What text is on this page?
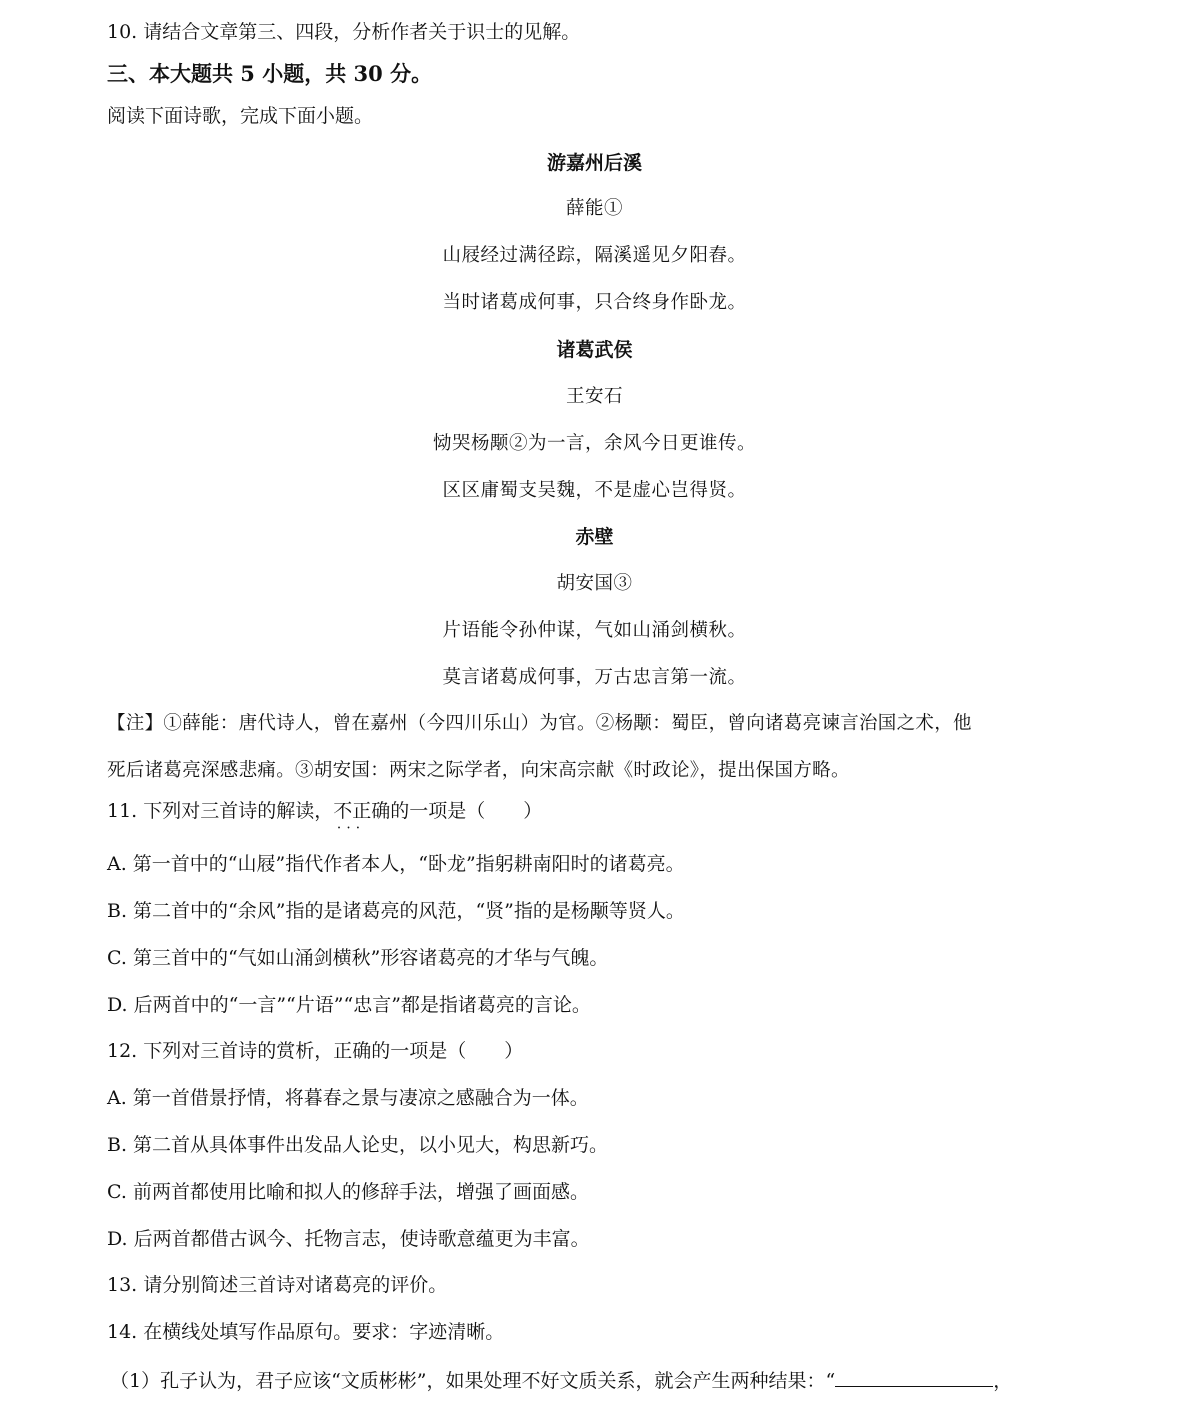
10. 请结合文章第三、四段，分析作者关于识士的见解。
三、本大题共 5 小题，共 30 分。
阅读下面诗歌，完成下面小题。
游嘉州后溪
薛能①
山屐经过满径踪，隔溪遥见夕阳舂。
当时诸葛成何事，只合终身作卧龙。
诸葛武侯
王安石
恸哭杨颙②为一言，余风今日更谁传。
区区庸蜀支吴魏，不是虚心岂得贤。
赤壁
胡安国③
片语能令孙仲谋，气如山涌剑横秋。
莫言诸葛成何事，万古忠言第一流。
【注】①薛能：唐代诗人，曾在嘉州（今四川乐山）为官。②杨颙：蜀臣，曾向诸葛亮谏言治国之术，他
死后诸葛亮深感悲痛。③胡安国：两宋之际学者，向宋高宗献《时政论》，提出保国方略。
11. 下列对三首诗的解读，不正确 • • •的一项是（　　）
A. 第一首中的“山屐”指代作者本人，“卧龙”指躬耕南阳时的诸葛亮。
B. 第二首中的“余风”指的是诸葛亮的风范，“贤”指的是杨颙等贤人。
C. 第三首中的“气如山涌剑横秋”形容诸葛亮的才华与气魄。
D. 后两首中的“一言”“片语”“忠言”都是指诸葛亮的言论。
12. 下列对三首诗的赏析，正确的一项是（　　）
A. 第一首借景抒情，将暮春之景与凄凉之感融合为一体。
B. 第二首从具体事件出发品人论史，以小见大，构思新巧。
C. 前两首都使用比喻和拟人的修辞手法，增强了画面感。
D. 后两首都借古讽今、托物言志，使诗歌意蕴更为丰富。
13. 请分别简述三首诗对诸葛亮的评价。
14. 在横线处填写作品原句。要求：字迹清晰。
（1）孔子认为，君子应该“文质彬彬”，如果处理不好文质关系，就会产生两种结果：“	，
